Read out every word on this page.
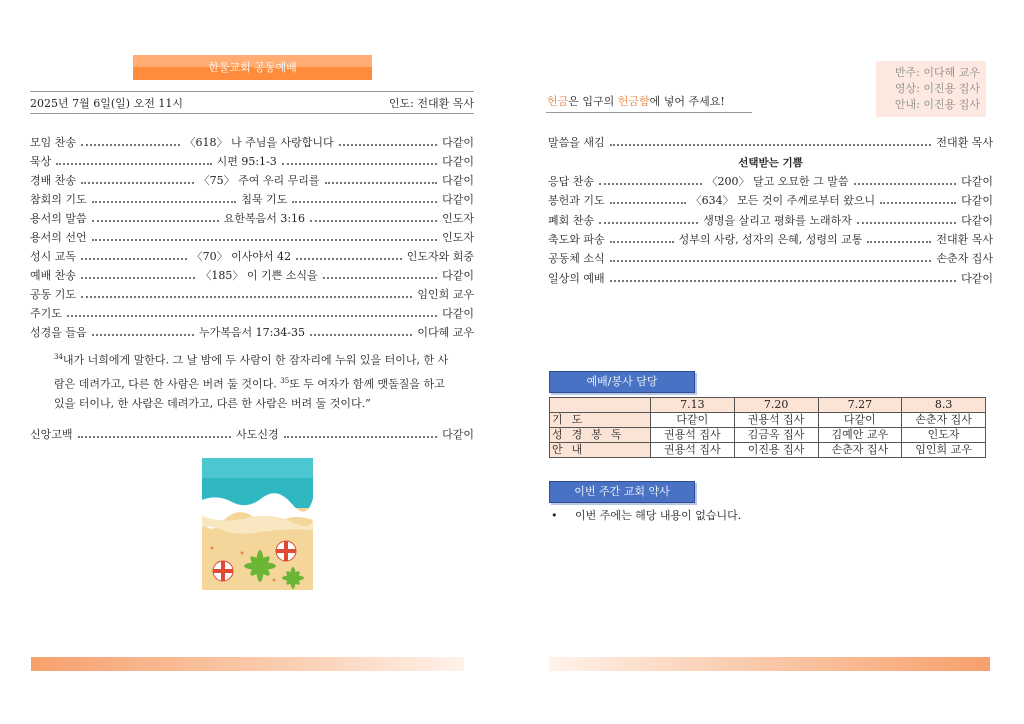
한울교회 공동예배
2025년 7월 6일(일) 오전 11시	인도: 전대환 목사
모임 찬송	〈618〉 나 주님을 사랑합니다	다같이
묵상	시편 95:1-3	다같이
경배 찬송	〈75〉 주여 우리 무리를	다같이
참회의 기도	침묵 기도	다같이
용서의 말씀	요한복음서 3:16	인도자
용서의 선언	인도자
성시 교독	〈70〉 이사야서 42	인도자와 회중
예배 찬송	〈185〉 이 기쁜 소식을	다같이
공동 기도	임인희 교우
주기도	다같이
성경을 들음	누가복음서 17:34-35	이다혜 교우
$^{34}$내가 너희에게 말한다. 그 날 밤에 두 사람이 한 잠자리에 누워 있을 터이나, 한 사람은 데려가고, 다른 한 사람은 버려 둘 것이다. $^{35}$또 두 여자가 함께 맷돌질을 하고 있을 터이나, 한 사람은 데려가고, 다른 한 사람은 버려 둘 것이다.”
신앙고백	사도신경	다같이
헌금은 입구의 헌금함에 넣어 주세요!
반주: 이다혜 교우
영상: 이진용 집사
안내: 이진용 집사
말씀을 새김	전대환 목사
선택받는 기쁨
응답 찬송	〈200〉 달고 오묘한 그 말씀	다같이
봉헌과 기도	〈634〉 모든 것이 주께로부터 왔으니	다같이
폐회 찬송	생명을 살리고 평화를 노래하자	다같이
축도와 파송	성부의 사랑, 성자의 은혜, 성령의 교통	전대환 목사
공동체 소식	손춘자 집사
일상의 예배	다같이
예배/봉사 담당
	7.13	7.20	7.27	8.3
기도	다같이	권용석 집사	다같이	손춘자 집사
성경봉독	권용석 집사	김금옥 집사	김예안 교우	인도자
안내	권용석 집사	이진용 집사	손춘자 집사	임인희 교우
이번 주간 교회 약사
• 이번 주에는 해당 내용이 없습니다.
